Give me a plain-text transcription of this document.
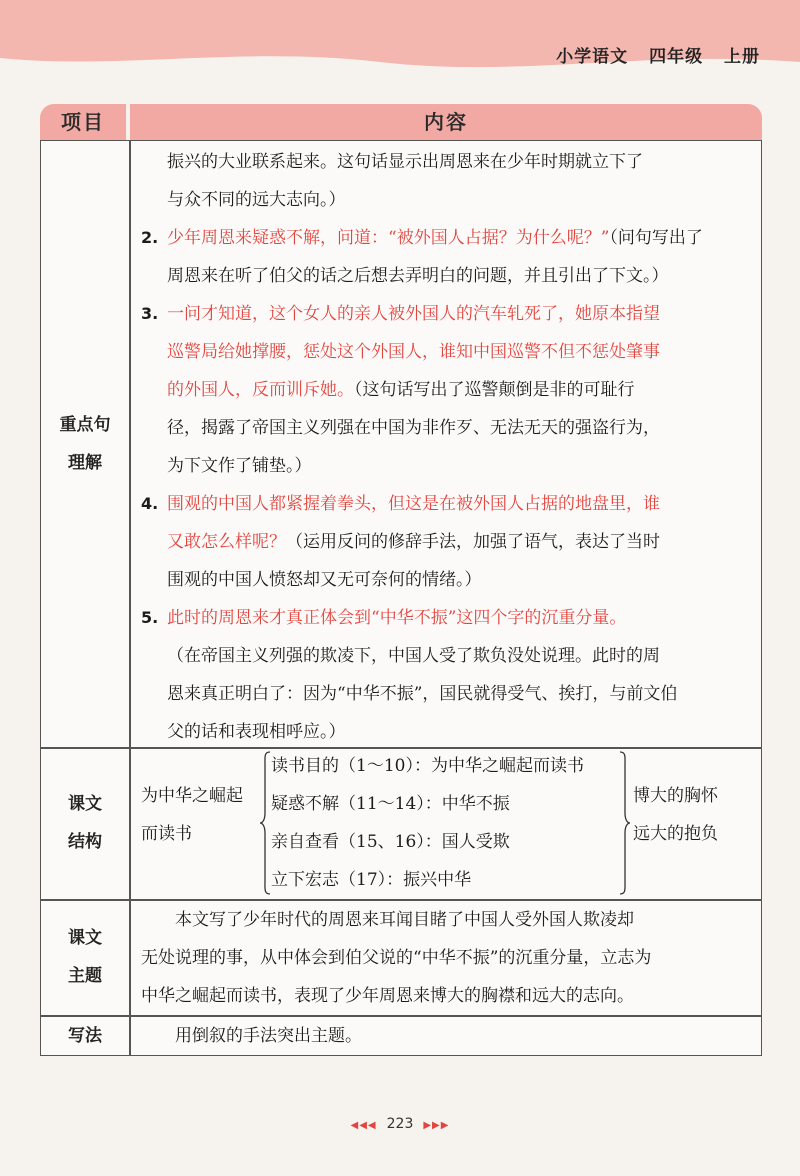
小学语文 四年级 上册
项目	内容
重点句
理解
振兴的大业联系起来。这句话显示出周恩来在少年时期就立下了
与众不同的远大志向。）
2. 少年周恩来疑惑不解，问道：“被外国人占据？为什么呢？”（问句写出了
周恩来在听了伯父的话之后想去弄明白的问题，并且引出了下文。）
3. 一问才知道，这个女人的亲人被外国人的汽车轧死了，她原本指望
巡警局给她撑腰，惩处这个外国人，谁知中国巡警不但不惩处肇事
的外国人，反而训斥她。（这句话写出了巡警颠倒是非的可耻行
径，揭露了帝国主义列强在中国为非作歹、无法无天的强盗行为，
为下文作了铺垫。）
4. 围观的中国人都紧握着拳头，但这是在被外国人占据的地盘里，谁
又敢怎么样呢？（运用反问的修辞手法，加强了语气，表达了当时
围观的中国人愤怒却又无可奈何的情绪。）
5. 此时的周恩来才真正体会到“中华不振”这四个字的沉重分量。
（在帝国主义列强的欺凌下，中国人受了欺负没处说理。此时的周
恩来真正明白了：因为“中华不振”，国民就得受气、挨打，与前文伯
父的话和表现相呼应。）
课文
结构
为中华之崛起
而读书
读书目的（1～10）：为中华之崛起而读书
疑惑不解（11～14）：中华不振
亲自查看（15、16）：国人受欺
立下宏志（17）：振兴中华
博大的胸怀
远大的抱负
课文
主题
本文写了少年时代的周恩来耳闻目睹了中国人受外国人欺凌却
无处说理的事，从中体会到伯父说的“中华不振”的沉重分量，立志为
中华之崛起而读书，表现了少年周恩来博大的胸襟和远大的志向。
写法	用倒叙的手法突出主题。
◀◀◀ 223 ▶▶▶
